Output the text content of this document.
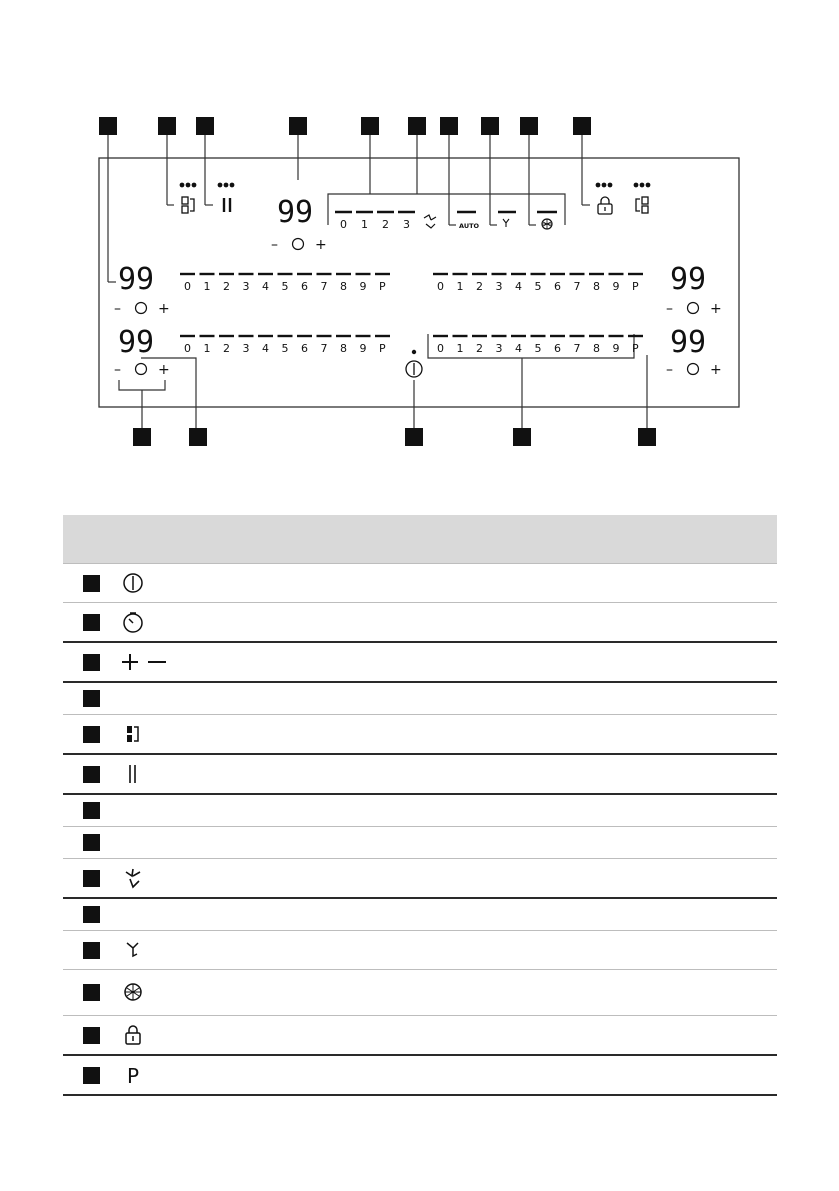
99
99
99
99
99
–	+
–	+
–	+
–	+
–	+
0 1 2 3 4 5 6 7 8 9 P	0 1 2 3 4 5 6 7 8 9 P
0 1 2 3 4 5 6 7 8 9 P	0 1 2 3 4 5 6 7 8 9 P
0 1 2 3	AUTO
P
